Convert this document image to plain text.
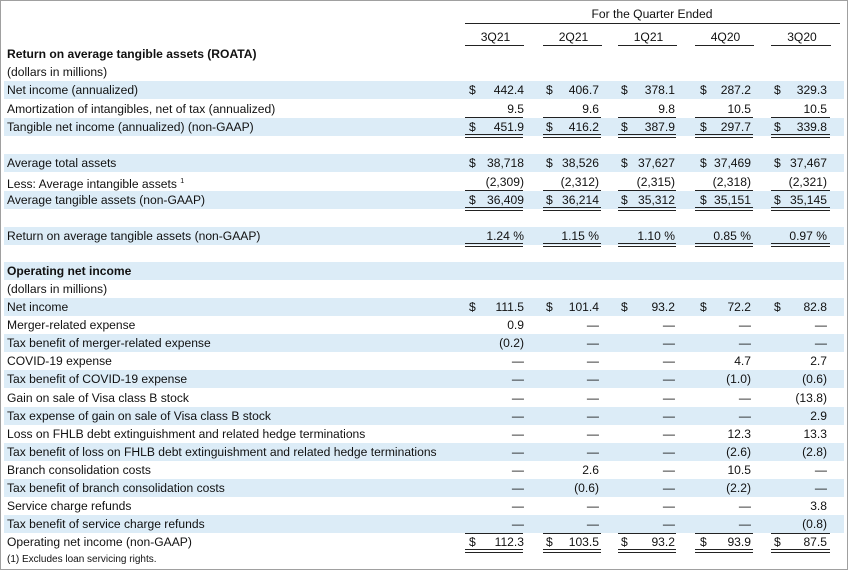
For the Quarter Ended
3Q21	2Q21	1Q21	4Q20	3Q20
Return on average tangible assets (ROATA)
(dollars in millions)
Net income (annualized)	$ 442.4 $ 406.7 $ 378.1 $ 287.2 $ 329.3
Amortization of intangibles, net of tax (annualized)	9.5	9.6	9.8	10.5	10.5
Tangible net income (annualized) (non-GAAP)	$ 451.9 $ 416.2 $ 387.9 $ 297.7 $ 339.8
Average total assets	$ 38,718 $ 38,526 $ 37,627 $ 37,469 $ 37,467
Less: Average intangible assets $^1$	(2,309)	(2,312)	(2,315)	(2,318)	(2,321)
Average tangible assets (non-GAAP)	$ 36,409 $ 36,214 $ 35,312 $ 35,151 $ 35,145
Return on average tangible assets (non-GAAP)	1.24 %	1.15 %	1.10 %	0.85 %	0.97 %
Operating net income
(dollars in millions)
Net income	$ 111.5 $ 101.4 $ 93.2 $ 72.2 $ 82.8
Merger-related expense	0.9	—	—	—	—
Tax benefit of merger-related expense	(0.2)	—	—	—	—
COVID-19 expense	—	—	—	4.7	2.7
Tax benefit of COVID-19 expense	—	—	—	(1.0)	(0.6)
Gain on sale of Visa class B stock	—	—	—	—	(13.8)
Tax expense of gain on sale of Visa class B stock	—	—	—	—	2.9
Loss on FHLB debt extinguishment and related hedge terminations	—	—	—	12.3	13.3
Tax benefit of loss on FHLB debt extinguishment and related hedge terminations	—	—	—	(2.6)	(2.8)
Branch consolidation costs	—	2.6	—	10.5	—
Tax benefit of branch consolidation costs	—	(0.6)	—	(2.2)	—
Service charge refunds	—	—	—	—	3.8
Tax benefit of service charge refunds	—	—	—	—	(0.8)
Operating net income (non-GAAP)	$ 112.3 $ 103.5 $ 93.2 $ 93.9 $ 87.5
(1) Excludes loan servicing rights.
